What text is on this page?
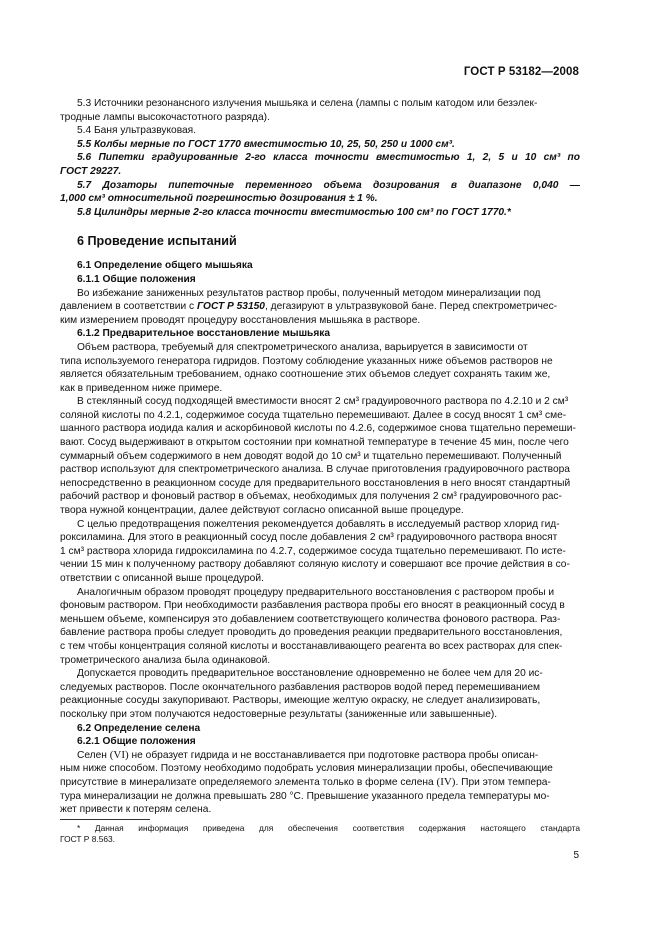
ГОСТ Р 53182—2008

5.3 Источники резонансного излучения мышьяка и селена (лампы с полым катодом или безэлек-

тродные лампы высокочастотного разряда).

5.4 Баня ультразвуковая.

5.5 Колбы мерные по ГОСТ 1770 вместимостью 10, 25, 50, 250 и 1000 см³.

5.6 Пипетки градуированные 2-го класса точности вместимостью 1, 2, 5 и 10 см³ по

ГОСТ 29227.

5.7 Дозаторы пипеточные переменного объема дозирования в диапазоне 0,040 —

1,000 см³ относительной погрешностью дозирования ± 1 %.

5.8 Цилиндры мерные 2-го класса точности вместимостью 100 см³ по ГОСТ 1770.*

6 Проведение испытаний

6.1 Определение общего мышьяка

6.1.1 Общие положения

Во избежание заниженных результатов раствор пробы, полученный методом минерализации под

давлением в соответствии с ГОСТ Р 53150, дегазируют в ультразвуковой бане. Перед спектрометричес-

ким измерением проводят процедуру восстановления мышьяка в растворе.

6.1.2 Предварительное восстановление мышьяка

Объем раствора, требуемый для спектрометрического анализа, варьируется в зависимости от

типа используемого генератора гидридов. Поэтому соблюдение указанных ниже объемов растворов не

является обязательным требованием, однако соотношение этих объемов следует сохранять таким же,

как в приведенном ниже примере.

В стеклянный сосуд подходящей вместимости вносят 2 см³ градуировочного раствора по 4.2.10 и 2 см³

соляной кислоты по 4.2.1, содержимое сосуда тщательно перемешивают. Далее в сосуд вносят 1 см³ сме-

шанного раствора иодида калия и аскорбиновой кислоты по 4.2.6, содержимое снова тщательно перемеши-

вают. Сосуд выдерживают в открытом состоянии при комнатной температуре в течение 45 мин, после чего

суммарный объем содержимого в нем доводят водой до 10 см³ и тщательно перемешивают. Полученный

раствор используют для спектрометрического анализа. В случае приготовления градуировочного раствора

непосредственно в реакционном сосуде для предварительного восстановления в него вносят стандартный

рабочий раствор и фоновый раствор в объемах, необходимых для получения 2 см³ градуировочного рас-

твора нужной концентрации, далее действуют согласно описанной выше процедуре.

С целью предотвращения пожелтения рекомендуется добавлять в исследуемый раствор хлорид гид-

роксиламина. Для этого в реакционный сосуд после добавления 2 см³ градуировочного раствора вносят

1 см³ раствора хлорида гидроксиламина по 4.2.7, содержимое сосуда тщательно перемешивают. По исте-

чении 15 мин к полученному раствору добавляют соляную кислоту и совершают все прочие действия в со-

ответствии с описанной выше процедурой.

Аналогичным образом проводят процедуру предварительного восстановления с раствором пробы и

фоновым раствором. При необходимости разбавления раствора пробы его вносят в реакционный сосуд в

меньшем объеме, компенсируя это добавлением соответствующего количества фонового раствора. Раз-

бавление раствора пробы следует проводить до проведения реакции предварительного восстановления,

с тем чтобы концентрация соляной кислоты и восстанавливающего реагента во всех растворах для спек-

трометрического анализа была одинаковой.

Допускается проводить предварительное восстановление одновременно не более чем для 20 ис-

следуемых растворов. После окончательного разбавления растворов водой перед перемешиванием

реакционные сосуды закупоривают. Растворы, имеющие желтую окраску, не следует анализировать,

поскольку при этом получаются недостоверные результаты (заниженные или завышенные).

6.2 Определение селена

6.2.1 Общие положения

Селен (VI) не образует гидрида и не восстанавливается при подготовке раствора пробы описан-

ным ниже способом. Поэтому необходимо подобрать условия минерализации пробы, обеспечивающие

присутствие в минерализате определяемого элемента только в форме селена (IV). При этом темпера-

тура минерализации не должна превышать 280 °С. Превышение указанного предела температуры мо-

жет привести к потерям селена.

* Данная информация приведена для обеспечения соответствия содержания настоящего стандарта

ГОСТ Р 8.563.

5
